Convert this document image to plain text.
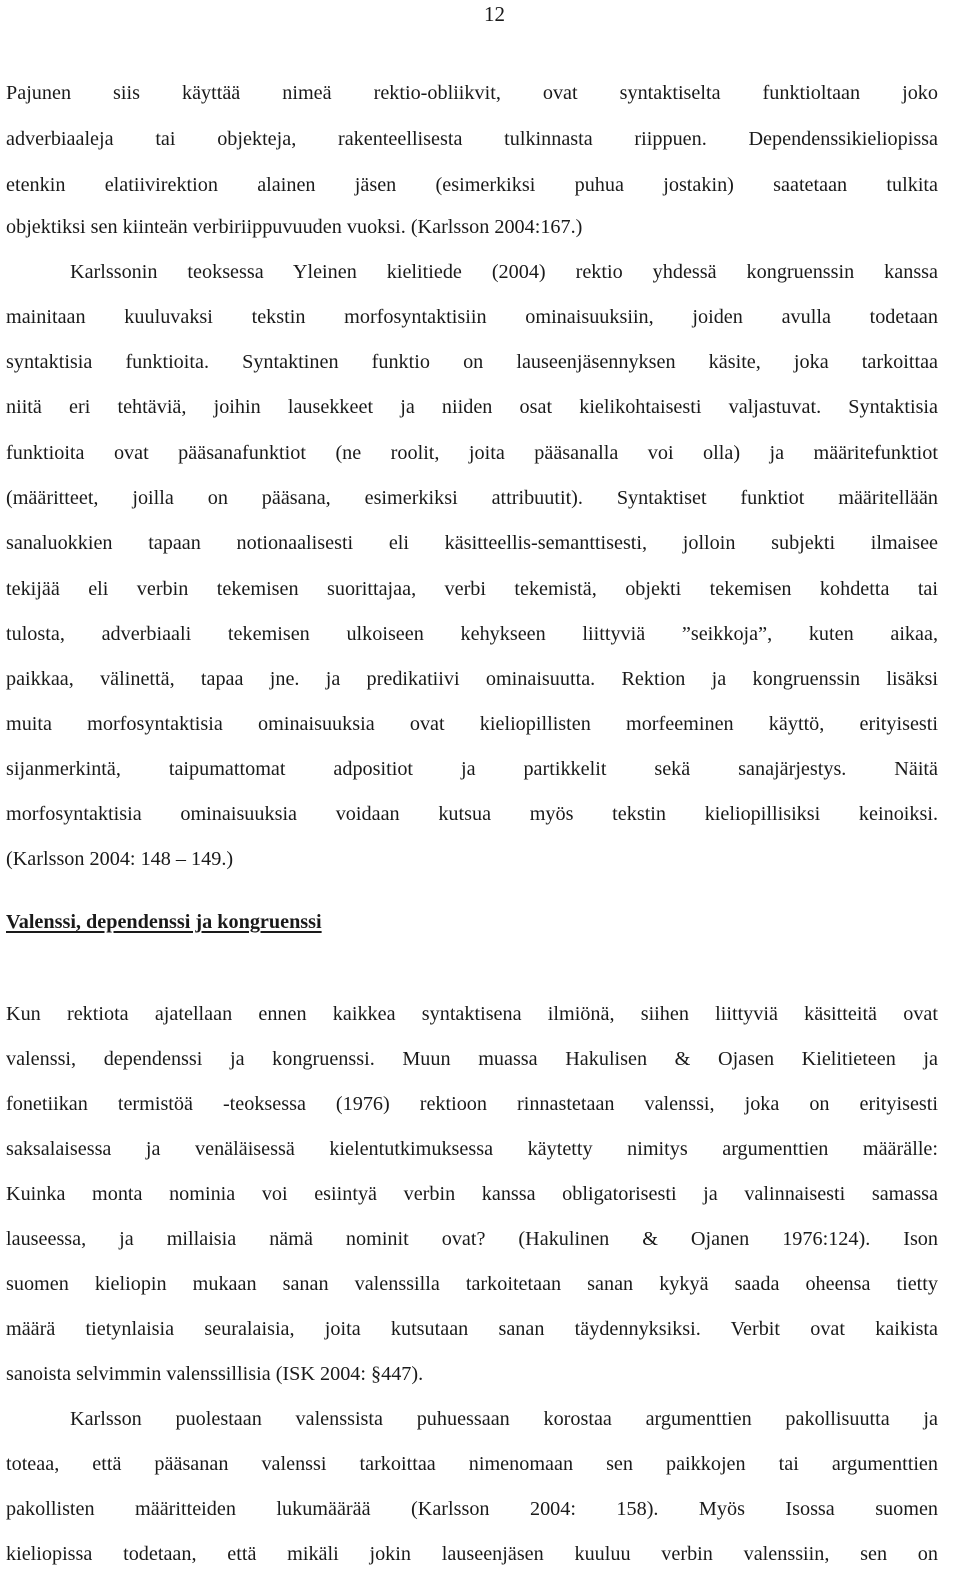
12
Pajunen siis käyttää nimeä rektio-obliikvit, ovat syntaktiselta funktioltaan joko
adverbiaaleja tai objekteja, rakenteellisesta tulkinnasta riippuen. Dependenssikieliopissa
etenkin elatiivirektion alainen jäsen (esimerkiksi puhua jostakin) saatetaan tulkita
objektiksi sen kiinteän verbiriippuvuuden vuoksi. (Karlsson 2004:167.)
Karlssonin teoksessa Yleinen kielitiede (2004) rektio yhdessä kongruenssin kanssa
mainitaan kuuluvaksi tekstin morfosyntaktisiin ominaisuuksiin, joiden avulla todetaan
syntaktisia funktioita. Syntaktinen funktio on lauseenjäsennyksen käsite, joka tarkoittaa
niitä eri tehtäviä, joihin lausekkeet ja niiden osat kielikohtaisesti valjastuvat. Syntaktisia
funktioita ovat pääsanafunktiot (ne roolit, joita pääsanalla voi olla) ja määritefunktiot
(määritteet, joilla on pääsana, esimerkiksi attribuutit). Syntaktiset funktiot määritellään
sanaluokkien tapaan notionaalisesti eli käsitteellis-semanttisesti, jolloin subjekti ilmaisee
tekijää eli verbin tekemisen suorittajaa, verbi tekemistä, objekti tekemisen kohdetta tai
tulosta, adverbiaali tekemisen ulkoiseen kehykseen liittyviä ”seikkoja”, kuten aikaa,
paikkaa, välinettä, tapaa jne. ja predikatiivi ominaisuutta. Rektion ja kongruenssin lisäksi
muita morfosyntaktisia ominaisuuksia ovat kieliopillisten morfeeminen käyttö, erityisesti
sijanmerkintä, taipumattomat adpositiot ja partikkelit sekä sanajärjestys. Näitä
morfosyntaktisia ominaisuuksia voidaan kutsua myös tekstin kieliopillisiksi keinoiksi.
(Karlsson 2004: 148 – 149.)
Valenssi, dependenssi ja kongruenssi
Kun rektiota ajatellaan ennen kaikkea syntaktisena ilmiönä, siihen liittyviä käsitteitä ovat
valenssi, dependenssi ja kongruenssi. Muun muassa Hakulisen & Ojasen Kielitieteen ja
fonetiikan termistöä -teoksessa (1976) rektioon rinnastetaan valenssi, joka on erityisesti
saksalaisessa ja venäläisessä kielentutkimuksessa käytetty nimitys argumenttien määrälle:
Kuinka monta nominia voi esiintyä verbin kanssa obligatorisesti ja valinnaisesti samassa
lauseessa, ja millaisia nämä nominit ovat? (Hakulinen & Ojanen 1976:124). Ison
suomen kieliopin mukaan sanan valenssilla tarkoitetaan sanan kykyä saada oheensa tietty
määrä tietynlaisia seuralaisia, joita kutsutaan sanan täydennyksiksi. Verbit ovat kaikista
sanoista selvimmin valenssillisia (ISK 2004: §447).
Karlsson puolestaan valenssista puhuessaan korostaa argumenttien pakollisuutta ja
toteaa, että pääsanan valenssi tarkoittaa nimenomaan sen paikkojen tai argumenttien
pakollisten määritteiden lukumäärää (Karlsson 2004: 158). Myös Isossa suomen
kieliopissa todetaan, että mikäli jokin lauseenjäsen kuuluu verbin valenssiin, sen on
